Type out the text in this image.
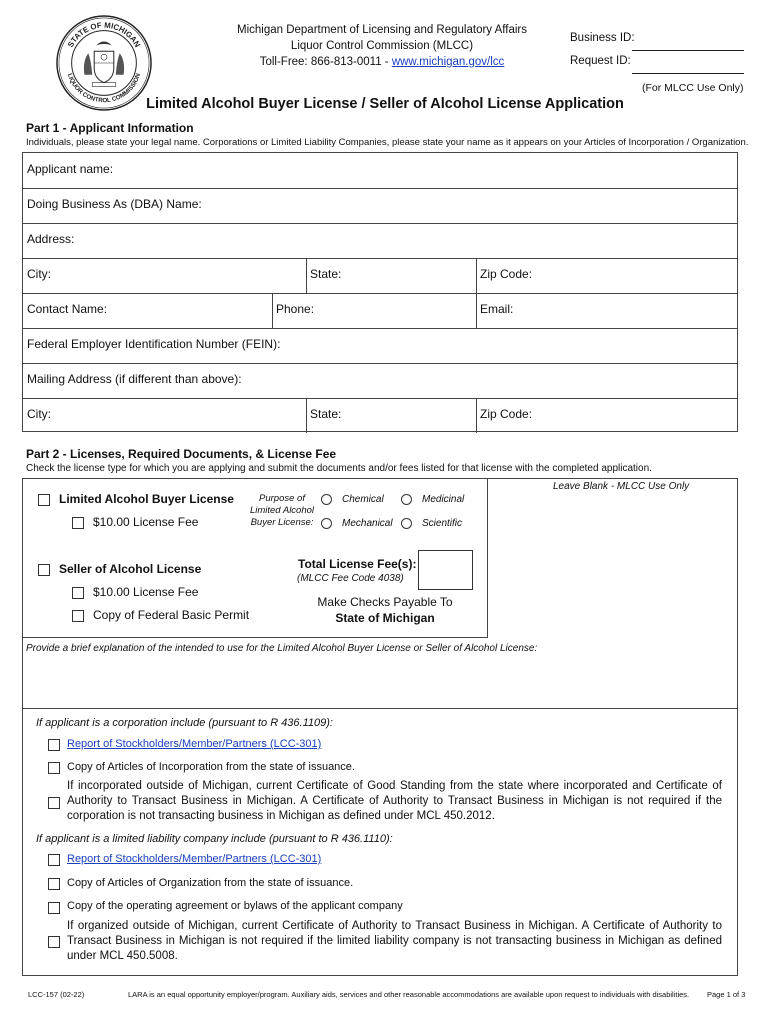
STATE OF MICHIGAN
LIQUOR CONTROL COMMISSION
Michigan Department of Licensing and Regulatory Affairs
Liquor Control Commission (MLCC)
Toll-Free: 866-813-0011 - www.michigan.gov/lcc
Business ID:
Request ID:
(For MLCC Use Only)
Limited Alcohol Buyer License / Seller of Alcohol License Application
Part 1 - Applicant Information
Individuals, please state your legal name. Corporations or Limited Liability Companies, please state your name as it appears on your Articles of Incorporation / Organization.
Applicant name:
Doing Business As (DBA) Name:
Address:
City:	State:	Zip Code:
Contact Name:	Phone:	Email:
Federal Employer Identification Number (FEIN):
Mailing Address (if different than above):
City:	State:	Zip Code:
Part 2 - Licenses, Required Documents, & License Fee
Check the license type for which you are applying and submit the documents and/or fees listed for that license with the completed application.
Leave Blank - MLCC Use Only
Limited Alcohol Buyer License
$10.00 License Fee
Purpose of
Limited Alcohol
Buyer License:
Chemical	Medicinal
Mechanical	Scientific
Seller of Alcohol License
$10.00 License Fee
Copy of Federal Basic Permit
Total License Fee(s):
(MLCC Fee Code 4038)
Make Checks Payable To
State of Michigan
Provide a brief explanation of the intended to use for the Limited Alcohol Buyer License or Seller of Alcohol License:
If applicant is a corporation include (pursuant to R 436.1109):
Report of Stockholders/Member/Partners (LCC-301)
Copy of Articles of Incorporation from the state of issuance.
If incorporated outside of Michigan, current Certificate of Good Standing from the state where incorporated and Certificate of Authority to Transact Business in Michigan. A Certificate of Authority to Transact Business in Michigan is not required if the corporation is not transacting business in Michigan as defined under MCL 450.2012.
If applicant is a limited liability company include (pursuant to R 436.1110):
Report of Stockholders/Member/Partners (LCC-301)
Copy of Articles of Organization from the state of issuance.
Copy of the operating agreement or bylaws of the applicant company
If organized outside of Michigan, current Certificate of Authority to Transact Business in Michigan. A Certificate of Authority to Transact Business in Michigan is not required if the limited liability company is not transacting business in Michigan as defined under MCL 450.5008.
LCC-157 (02-22)	LARA is an equal opportunity employer/program. Auxiliary aids, services and other reasonable accommodations are available upon request to individuals with disabilities. Page 1 of 3
